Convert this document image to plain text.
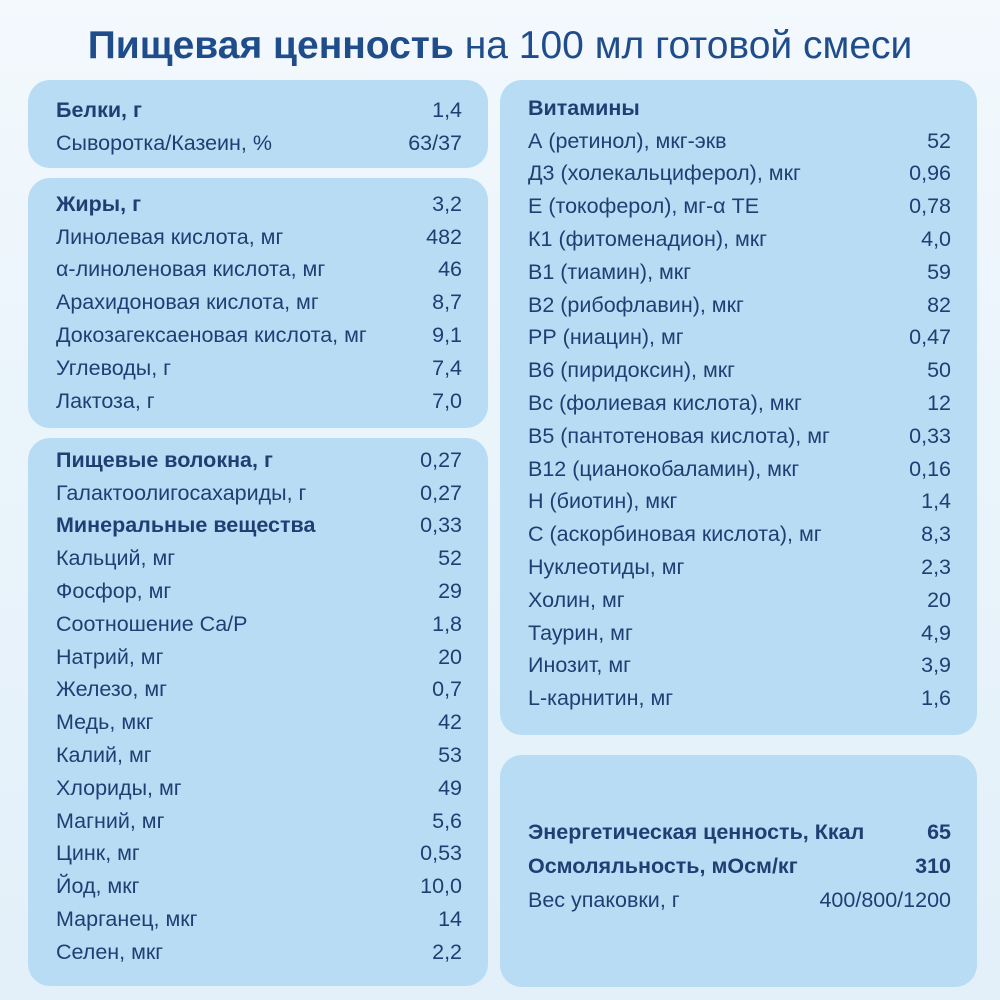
Пищевая ценность на 100 мл готовой смеси
Белки, г	1,4
Сыворотка/Казеин, %	63/37
Жиры, г	3,2
Линолевая кислота, мг	482
α-линоленовая кислота, мг	46
Арахидоновая кислота, мг	8,7
Докозагексаеновая кислота, мг	9,1
Углеводы, г	7,4
Лактоза, г	7,0
Пищевые волокна, г	0,27
Галактоолигосахариды, г	0,27
Минеральные вещества	0,33
Кальций, мг	52
Фосфор, мг	29
Соотношение Ca/P	1,8
Натрий, мг	20
Железо, мг	0,7
Медь, мкг	42
Калий, мг	53
Хлориды, мг	49
Магний, мг	5,6
Цинк, мг	0,53
Йод, мкг	10,0
Марганец, мкг	14
Селен, мкг	2,2
Витамины
А (ретинол), мкг-экв	52
Д3 (холекальциферол), мкг	0,96
Е (токоферол), мг-α ТЕ	0,78
К1 (фитоменадион), мкг	4,0
В1 (тиамин), мкг	59
В2 (рибофлавин), мкг	82
РР (ниацин), мг	0,47
В6 (пиридоксин), мкг	50
Вс (фолиевая кислота), мкг	12
В5 (пантотеновая кислота), мг	0,33
В12 (цианокобаламин), мкг	0,16
Н (биотин), мкг	1,4
С (аскорбиновая кислота), мг	8,3
Нуклеотиды, мг	2,3
Холин, мг	20
Таурин, мг	4,9
Инозит, мг	3,9
L-карнитин, мг	1,6
Энергетическая ценность, Ккал	65
Осмоляльность, мОсм/кг	310
Вес упаковки, г	400/800/1200
